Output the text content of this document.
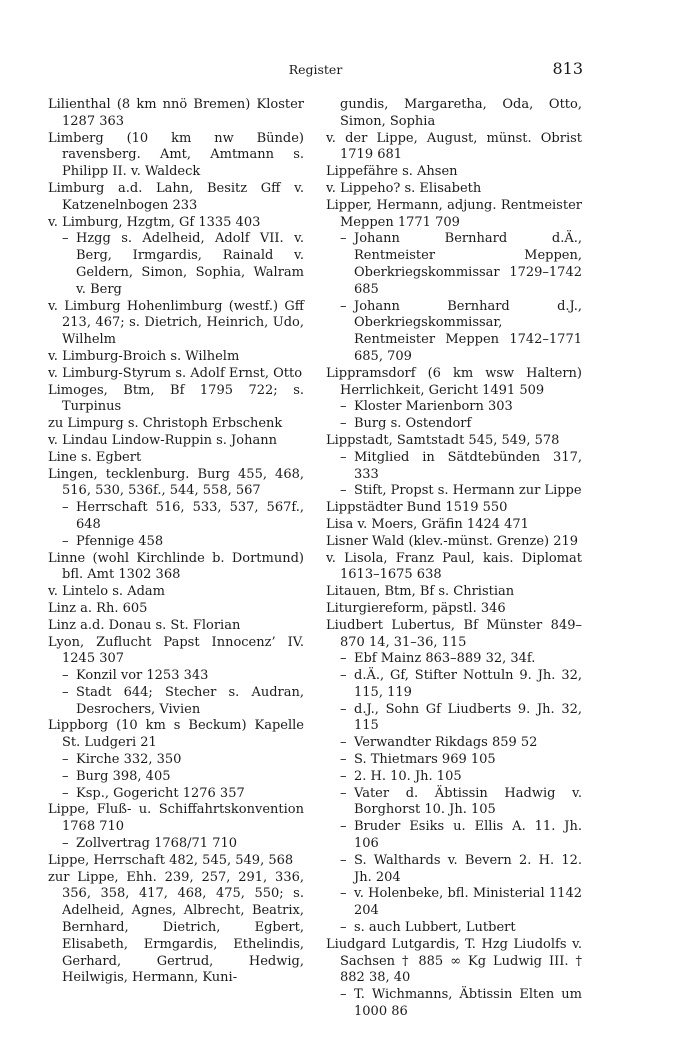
Register	813
Lilienthal (8 km nnö Bremen) Kloster 1287 363
Limberg (10 km nw Bünde) ravensberg. Amt, Amtmann s. Philipp II. v. Waldeck
Limburg a.d. Lahn, Besitz Gff v. Katzenelnbogen 233
v. Limburg, Hzgtm, Gf 1335 403
– Hzgg s. Adelheid, Adolf VII. v. Berg, Irmgardis, Rainald v. Geldern, Simon, Sophia, Walram v. Berg
v. Limburg Hohenlimburg (westf.) Gff 213, 467; s. Dietrich, Heinrich, Udo, Wilhelm
v. Limburg-Broich s. Wilhelm
v. Limburg-Styrum s. Adolf Ernst, Otto
Limoges, Btm, Bf 1795 722; s. Turpinus
zu Limpurg s. Christoph Erbschenk
v. Lindau Lindow-Ruppin s. Johann
Line s. Egbert
Lingen, tecklenburg. Burg 455, 468, 516, 530, 536f., 544, 558, 567
– Herrschaft 516, 533, 537, 567f., 648
– Pfennige 458
Linne (wohl Kirchlinde b. Dortmund) bfl. Amt 1302 368
v. Lintelo s. Adam
Linz a. Rh. 605
Linz a.d. Donau s. St. Florian
Lyon, Zuflucht Papst Innocenz’ IV. 1245 307
– Konzil vor 1253 343
– Stadt 644; Stecher s. Audran, Desrochers, Vivien
Lippborg (10 km s Beckum) Kapelle St. Ludgeri 21
– Kirche 332, 350
– Burg 398, 405
– Ksp., Gogericht 1276 357
Lippe, Fluß- u. Schiffahrtskonvention 1768 710
– Zollvertrag 1768/71 710
Lippe, Herrschaft 482, 545, 549, 568
zur Lippe, Ehh. 239, 257, 291, 336, 356, 358, 417, 468, 475, 550; s. Adelheid, Agnes, Albrecht, Beatrix, Bernhard, Dietrich, Egbert, Elisabeth, Ermgardis, Ethelindis, Gerhard, Gertrud, Hedwig, Heilwigis, Hermann, Kuni-
gundis, Margaretha, Oda, Otto, Simon, Sophia
v. der Lippe, August, münst. Obrist 1719 681
Lippefähre s. Ahsen
v. Lippeho? s. Elisabeth
Lipper, Hermann, adjung. Rentmeister Meppen 1771 709
– Johann Bernhard d.Ä., Rentmeister Meppen, Oberkriegskommissar 1729–1742 685
– Johann Bernhard d.J., Oberkriegskommissar, Rentmeister Meppen 1742–1771 685, 709
Lippramsdorf (6 km wsw Haltern) Herrlichkeit, Gericht 1491 509
– Kloster Marienborn 303
– Burg s. Ostendorf
Lippstadt, Samtstadt 545, 549, 578
– Mitglied in Sätdtebünden 317, 333
– Stift, Propst s. Hermann zur Lippe
Lippstädter Bund 1519 550
Lisa v. Moers, Gräfin 1424 471
Lisner Wald (klev.-münst. Grenze) 219
v. Lisola, Franz Paul, kais. Diplomat 1613–1675 638
Litauen, Btm, Bf s. Christian
Liturgiereform, päpstl. 346
Liudbert Lubertus, Bf Münster 849–870 14, 31–36, 115
– Ebf Mainz 863–889 32, 34f.
– d.Ä., Gf, Stifter Nottuln 9. Jh. 32, 115, 119
– d.J., Sohn Gf Liudberts 9. Jh. 32, 115
– Verwandter Rikdags 859 52
– S. Thietmars 969 105
– 2. H. 10. Jh. 105
– Vater d. Äbtissin Hadwig v. Borghorst 10. Jh. 105
– Bruder Esiks u. Ellis A. 11. Jh. 106
– S. Walthards v. Bevern 2. H. 12. Jh. 204
– v. Holenbeke, bfl. Ministerial 1142 204
– s. auch Lubbert, Lutbert
Liudgard Lutgardis, T. Hzg Liudolfs v. Sachsen † 885 ∞ Kg Ludwig III. † 882 38, 40
– T. Wichmanns, Äbtissin Elten um 1000 86
